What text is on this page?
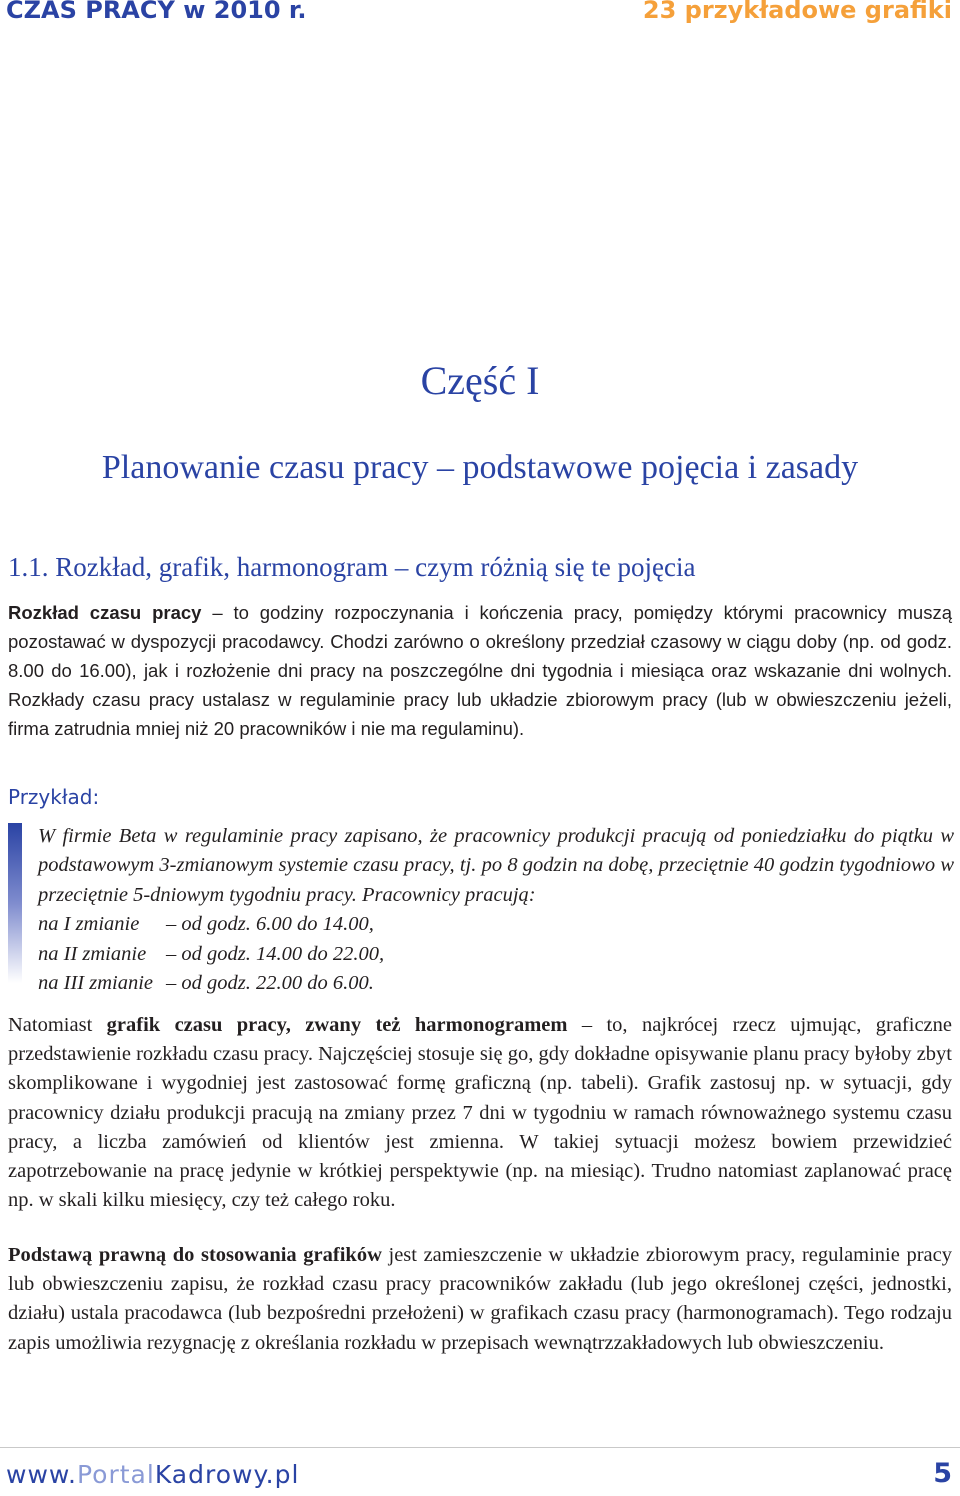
CZAS PRACY w 2010 r.	23 przykładowe grafiki
Część I
Planowanie czasu pracy – podstawowe pojęcia i zasady
1.1. Rozkład, grafik, harmonogram – czym różnią się te pojęcia

Rozkład czasu pracy – to godziny rozpoczynania i kończenia pracy, pomiędzy którymi pracownicy muszą pozostawać w dyspozycji pracodawcy. Chodzi zarówno o określony przedział czasowy w ciągu doby (np. od godz. 8.00 do 16.00), jak i rozłożenie dni pracy na poszczególne dni tygodnia i miesiąca oraz wskazanie dni wolnych. Rozkłady czasu pracy ustalasz w regulaminie pracy lub układzie zbiorowym pracy (lub w obwieszczeniu jeżeli, firma zatrudnia mniej niż 20 pracowników i nie ma regulaminu).

Przykład:
W firmie Beta w regulaminie pracy zapisano, że pracownicy produkcji pracują od poniedziałku do piątku w podstawowym 3-zmianowym systemie czasu pracy, tj. po 8 godzin na dobę, przeciętnie 40 godzin tygodniowo w przeciętnie 5-dniowym tygodniu pracy. Pracownicy pracują:
na I zmianie – od godz. 6.00 do 14.00,
na II zmianie – od godz. 14.00 do 22.00,
na III zmianie – od godz. 22.00 do 6.00.

Natomiast grafik czasu pracy, zwany też harmonogramem – to, najkrócej rzecz ujmując, graficzne przedstawienie rozkładu czasu pracy. Najczęściej stosuje się go, gdy dokładne opisywanie planu pracy byłoby zbyt skomplikowane i wygodniej jest zastosować formę graficzną (np. tabeli). Grafik zastosuj np. w sytuacji, gdy pracownicy działu produkcji pracują na zmiany przez 7 dni w tygodniu w ramach równoważnego systemu czasu pracy, a liczba zamówień od klientów jest zmienna. W takiej sytuacji możesz bowiem przewidzieć zapotrzebowanie na pracę jedynie w krótkiej perspektywie (np. na miesiąc). Trudno natomiast zaplanować pracę np. w skali kilku miesięcy, czy też całego roku.

Podstawą prawną do stosowania grafików jest zamieszczenie w układzie zbiorowym pracy, regulaminie pracy lub obwieszczeniu zapisu, że rozkład czasu pracy pracowników zakładu (lub jego określonej części, jednostki, działu) ustala pracodawca (lub bezpośredni przełożeni) w grafikach czasu pracy (harmonogramach). Tego rodzaju zapis umożliwia rezygnację z określania rozkładu w przepisach wewnątrzzakładowych lub obwieszczeniu.

www.PortalKadrowy.pl	5
